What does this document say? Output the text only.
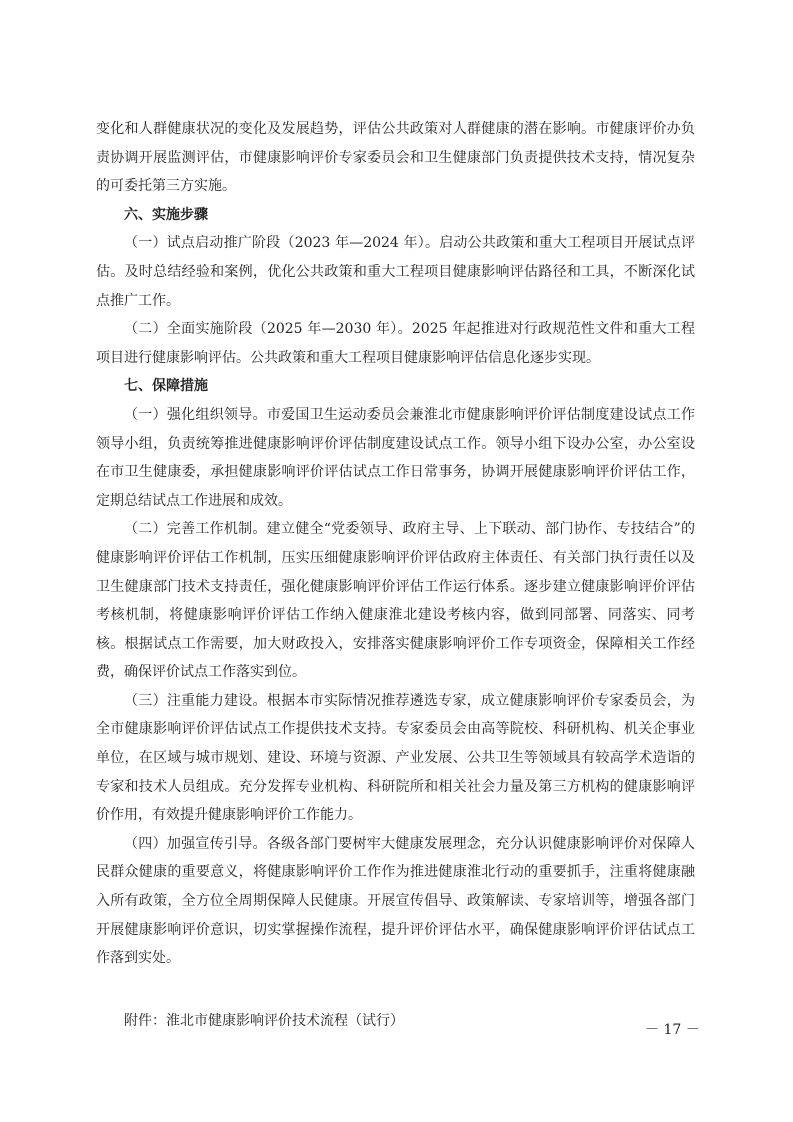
变化和人群健康状况的变化及发展趋势，评估公共政策对人群健康的潜在影响。市健康评价办负责协调开展监测评估，市健康影响评价专家委员会和卫生健康部门负责提供技术支持，情况复杂的可委托第三方实施。

六、实施步骤

（一）试点启动推广阶段（2023 年—2024 年）。启动公共政策和重大工程项目开展试点评估。及时总结经验和案例，优化公共政策和重大工程项目健康影响评估路径和工具，不断深化试点推广工作。

（二）全面实施阶段（2025 年—2030 年）。2025 年起推进对行政规范性文件和重大工程项目进行健康影响评估。公共政策和重大工程项目健康影响评估信息化逐步实现。

七、保障措施

（一）强化组织领导。市爱国卫生运动委员会兼淮北市健康影响评价评估制度建设试点工作领导小组，负责统筹推进健康影响评价评估制度建设试点工作。领导小组下设办公室，办公室设在市卫生健康委，承担健康影响评价评估试点工作日常事务，协调开展健康影响评价评估工作，定期总结试点工作进展和成效。

（二）完善工作机制。建立健全“党委领导、政府主导、上下联动、部门协作、专技结合”的健康影响评价评估工作机制，压实压细健康影响评价评估政府主体责任、有关部门执行责任以及卫生健康部门技术支持责任，强化健康影响评价评估工作运行体系。逐步建立健康影响评价评估考核机制，将健康影响评价评估工作纳入健康淮北建设考核内容，做到同部署、同落实、同考核。根据试点工作需要，加大财政投入，安排落实健康影响评价工作专项资金，保障相关工作经费，确保评价试点工作落实到位。

（三）注重能力建设。根据本市实际情况推荐遴选专家，成立健康影响评价专家委员会，为全市健康影响评价评估试点工作提供技术支持。专家委员会由高等院校、科研机构、机关企事业单位，在区域与城市规划、建设、环境与资源、产业发展、公共卫生等领域具有较高学术造诣的专家和技术人员组成。充分发挥专业机构、科研院所和相关社会力量及第三方机构的健康影响评价作用，有效提升健康影响评价工作能力。

（四）加强宣传引导。各级各部门要树牢大健康发展理念，充分认识健康影响评价对保障人民群众健康的重要意义，将健康影响评价工作作为推进健康淮北行动的重要抓手，注重将健康融入所有政策，全方位全周期保障人民健康。开展宣传倡导、政策解读、专家培训等，增强各部门开展健康影响评价意识，切实掌握操作流程，提升评价评估水平，确保健康影响评价评估试点工作落到实处。

附件：淮北市健康影响评价技术流程（试行）

－ 17 －
